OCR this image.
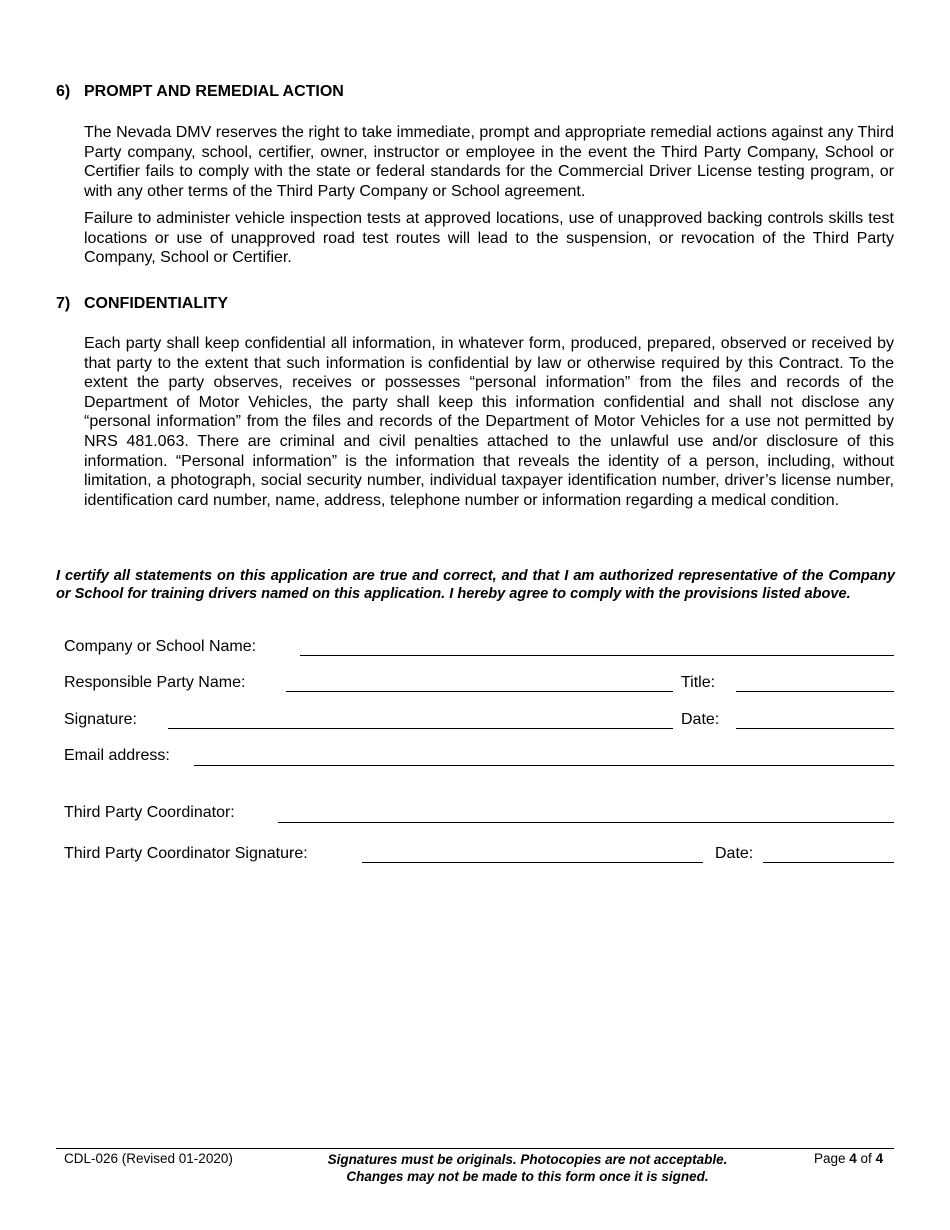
6) PROMPT AND REMEDIAL ACTION

The Nevada DMV reserves the right to take immediate, prompt and appropriate remedial actions against any Third Party company, school, certifier, owner, instructor or employee in the event the Third Party Company, School or Certifier fails to comply with the state or federal standards for the Commercial Driver License testing program, or with any other terms of the Third Party Company or School agreement.

Failure to administer vehicle inspection tests at approved locations, use of unapproved backing controls skills test locations or use of unapproved road test routes will lead to the suspension, or revocation of the Third Party Company, School or Certifier.

7) CONFIDENTIALITY

Each party shall keep confidential all information, in whatever form, produced, prepared, observed or received by that party to the extent that such information is confidential by law or otherwise required by this Contract. To the extent the party observes, receives or possesses “personal information” from the files and records of the Department of Motor Vehicles, the party shall keep this information confidential and shall not disclose any “personal information” from the files and records of the Department of Motor Vehicles for a use not permitted by NRS 481.063. There are criminal and civil penalties attached to the unlawful use and/or disclosure of this information. “Personal information” is the information that reveals the identity of a person, including, without limitation, a photograph, social security number, individual taxpayer identification number, driver’s license number, identification card number, name, address, telephone number or information regarding a medical condition.

I certify all statements on this application are true and correct, and that I am authorized representative of the Company or School for training drivers named on this application. I hereby agree to comply with the provisions listed above.

Company or School Name:
Responsible Party Name:	Title:
Signature:	Date:
Email address:
Third Party Coordinator:
Third Party Coordinator Signature:	Date:
CDL-026 (Revised 01-2020)	Signatures must be originals. Photocopies are not acceptable.
Changes may not be made to this form once it is signed.
Page 4 of 4
